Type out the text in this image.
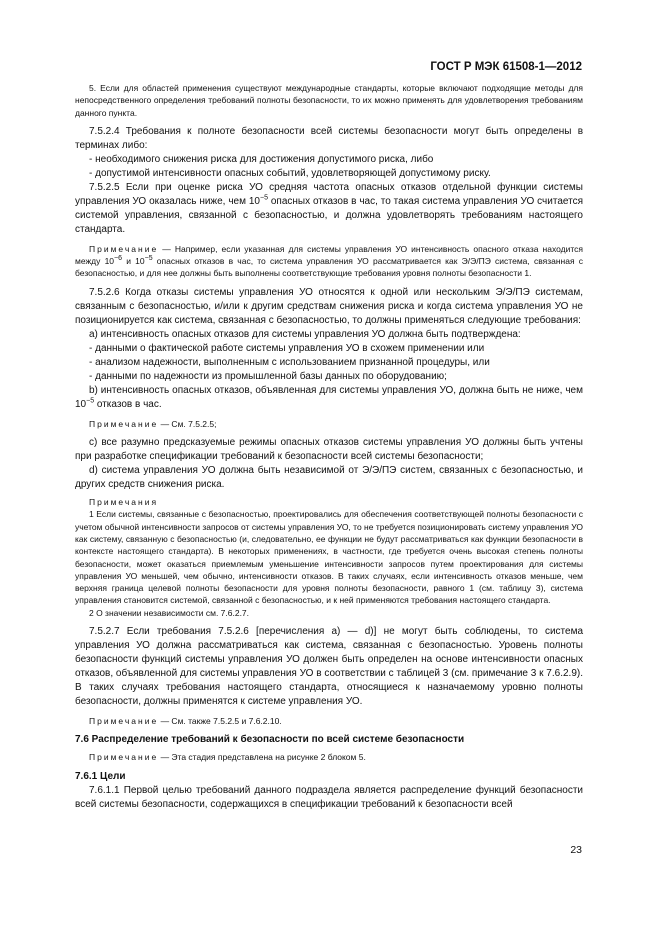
ГОСТ Р МЭК 61508-1—2012

5. Если для областей применения существуют международные стандарты, которые включают подходящие методы для непосредственного определения требований полноты безопасности, то их можно применять для удовлетворения требованиям данного пункта.

7.5.2.4 Требования к полноте безопасности всей системы безопасности могут быть определены в терминах либо:

- необходимого снижения риска для достижения допустимого риска, либо

- допустимой интенсивности опасных событий, удовлетворяющей допустимому риску.

7.5.2.5 Если при оценке риска УО средняя частота опасных отказов отдельной функции системы управления УО оказалась ниже, чем $10^{-5}$ опасных отказов в час, то такая система управления УО считается системой управления, связанной с безопасностью, и должна удовлетворять требованиям настоящего стандарта.

Примечание — Например, если указанная для системы управления УО интенсивность опасного отказа находится между $10^{-6}$ и $10^{-5}$ опасных отказов в час, то система управления УО рассматривается как Э/Э/ПЭ система, связанная с безопасностью, и для нее должны быть выполнены соответствующие требования уровня полноты безопасности 1.

7.5.2.6 Когда отказы системы управления УО относятся к одной или нескольким Э/Э/ПЭ системам, связанным с безопасностью, и/или к другим средствам снижения риска и когда система управления УО не позиционируется как система, связанная с безопасностью, то должны применяться следующие требования:

a) интенсивность опасных отказов для системы управления УО должна быть подтверждена:

- данными о фактической работе системы управления УО в схожем применении или

- анализом надежности, выполненным с использованием признанной процедуры, или

- данными по надежности из промышленной базы данных по оборудованию;

b) интенсивность опасных отказов, объявленная для системы управления УО, должна быть не ниже, чем $10^{-5}$ отказов в час.

Примечание — См. 7.5.2.5;

c) все разумно предсказуемые режимы опасных отказов системы управления УО должны быть учтены при разработке спецификации требований к безопасности всей системы безопасности;

d) система управления УО должна быть независимой от Э/Э/ПЭ систем, связанных с безопасностью, и других средств снижения риска.

Примечания

1 Если системы, связанные с безопасностью, проектировались для обеспечения соответствующей полноты безопасности с учетом обычной интенсивности запросов от системы управления УО, то не требуется позиционировать систему управления УО как систему, связанную с безопасностью (и, следовательно, ее функции не будут рассматриваться как функции безопасности в контексте настоящего стандарта). В некоторых применениях, в частности, где требуется очень высокая степень полноты безопасности, может оказаться приемлемым уменьшение интенсивности запросов путем проектирования для системы управления УО меньшей, чем обычно, интенсивности отказов. В таких случаях, если интенсивность отказов меньше, чем верхняя граница целевой полноты безопасности для уровня полноты безопасности, равного 1 (см. таблицу 3), система управления становится системой, связанной с безопасностью, и к ней применяются требования настоящего стандарта.

2 О значении независимости см. 7.6.2.7.

7.5.2.7 Если требования 7.5.2.6 [перечисления a) — d)] не могут быть соблюдены, то система управления УО должна рассматриваться как система, связанная с безопасностью. Уровень полноты безопасности функций системы управления УО должен быть определен на основе интенсивности опасных отказов, объявленной для системы управления УО в соответствии с таблицей 3 (см. примечание 3 к 7.6.2.9). В таких случаях требования настоящего стандарта, относящиеся к назначаемому уровню полноты безопасности, должны применятся к системе управления УО.

Примечание — См. также 7.5.2.5 и 7.6.2.10.

7.6 Распределение требований к безопасности по всей системе безопасности

Примечание — Эта стадия представлена на рисунке 2 блоком 5.

7.6.1 Цели

7.6.1.1 Первой целью требований данного подраздела является распределение функций безопасности всей системы безопасности, содержащихся в спецификации требований к безопасности всей

23
